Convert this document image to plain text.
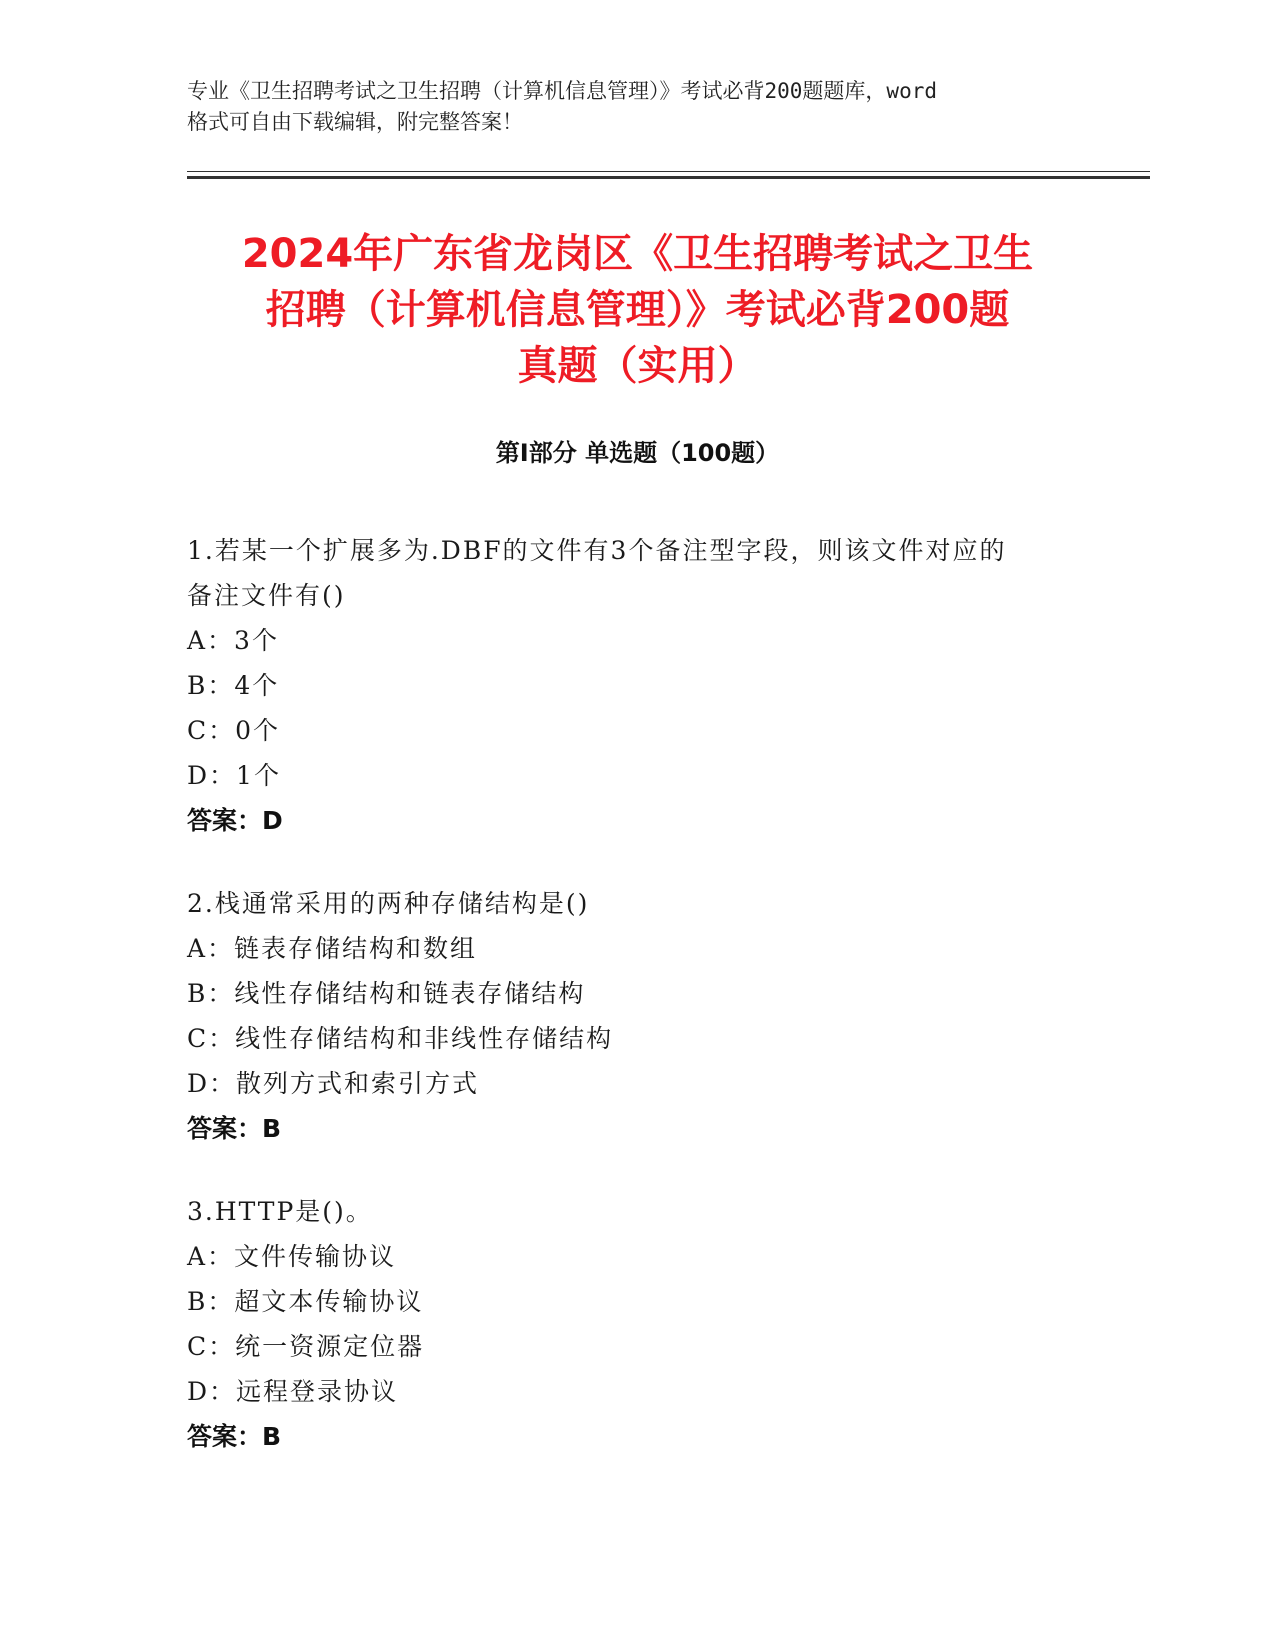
专业《卫生招聘考试之卫生招聘（计算机信息管理）》考试必背200题题库，word
格式可自由下载编辑，附完整答案！
2024年广东省龙岗区《卫生招聘考试之卫生
招聘（计算机信息管理）》考试必背200题
真题（实用）
第Ⅰ部分 单选题（100题）
1.若某一个扩展多为.DBF的文件有3个备注型字段，则该文件对应的
备注文件有()
A：3个
B：4个
C：0个
D：1个
答案：D
2.栈通常采用的两种存储结构是()
A：链表存储结构和数组
B：线性存储结构和链表存储结构
C：线性存储结构和非线性存储结构
D：散列方式和索引方式
答案：B
3.HTTP是()。
A：文件传输协议
B：超文本传输协议
C：统一资源定位器
D：远程登录协议
答案：B
